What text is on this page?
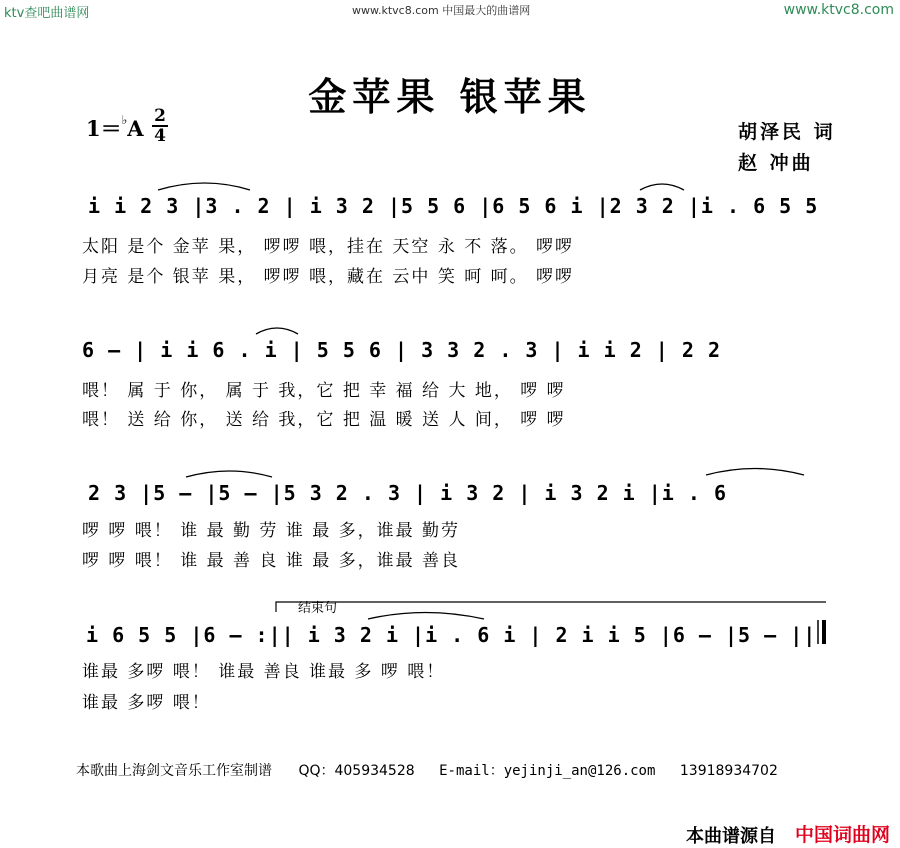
ktv查吧曲谱网	www.ktvc8.com 中国最大的曲谱网	www.ktvc8.com
金苹果 银苹果
1＝♭A 2
4	胡泽民 词
赵 冲曲
i i 2 3 |3 . 2 | i 3 2 |5 5 6 |6 5 6 i |2 3 2 |i . 6 5 5
太阳 是个 金苹 果， 啰啰 喂，挂在 天空 永 不 落。 啰啰
月亮 是个 银苹 果， 啰啰 喂，藏在 云中 笑 呵 呵。 啰啰
6 — | i i 6 . i | 5 5 6 | 3 3 2 . 3 | i i 2 | 2 2
喂！ 属 于 你， 属 于 我，它 把 幸 福 给 大 地， 啰 啰
喂！ 送 给 你， 送 给 我，它 把 温 暖 送 人 间， 啰 啰
2 3 |5 — |5 — |5 3 2 . 3 | i 3 2 | i 3 2 i |i . 6
啰 啰 喂！ 谁 最 勤 劳 谁 最 多，谁最 勤劳
啰 啰 喂！ 谁 最 善 良 谁 最 多，谁最 善良
结束句
i 6 5 5 |6 — :|| i 3 2 i |i . 6 i | 2 i i 5 |6 — |5 — ||
谁最 多啰 喂！ 谁最 善良 谁最 多 啰 喂！
谁最 多啰 喂！
本歌曲上海剑文音乐工作室制谱 QQ：405934528 E-mail：yejinji_an@126.com 13918934702
本曲谱源自 中国词曲网
